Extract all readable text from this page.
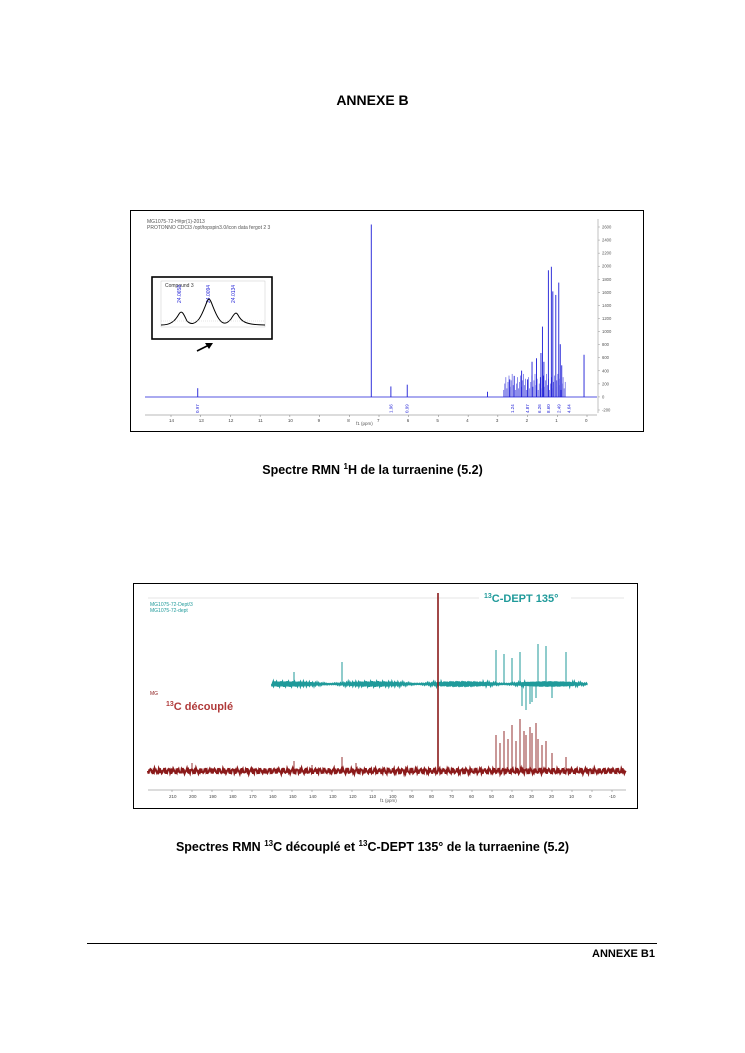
ANNEXE B
MG1075-72-H#pr(1)-2013
PROTONNO CDCl3 /opt/topspin3.0/icon data fergot 2 3	2600
2400
2200
2000
1800
1600
1400
1200
1000
800
600
400
200
0
-200
0.97	1.96	0.99	1.24 4.87 6.26 8.60 2.49 4.64
14	13	12	11	10	9	8	7	6	5	4	3	2	1	0
f1 (ppm)
Compound 3
24.0658	24.0094	24.0134
Spectre RMN $^1$H de la turraenine (5.2)
MG1075-72-Dept/3
MG1075-72-dept
$^{13}$C-DEPT 135°
MG
$^{13}$C découplé
210	200	190	180	170	160	150	140	130	120	110	100	90	80	70	60	50	40	30	20	10	0	-10
f1 (ppm)
Spectres RMN $^{13}$C découplé et $^{13}$C-DEPT 135° de la turraenine (5.2)
ANNEXE B1
